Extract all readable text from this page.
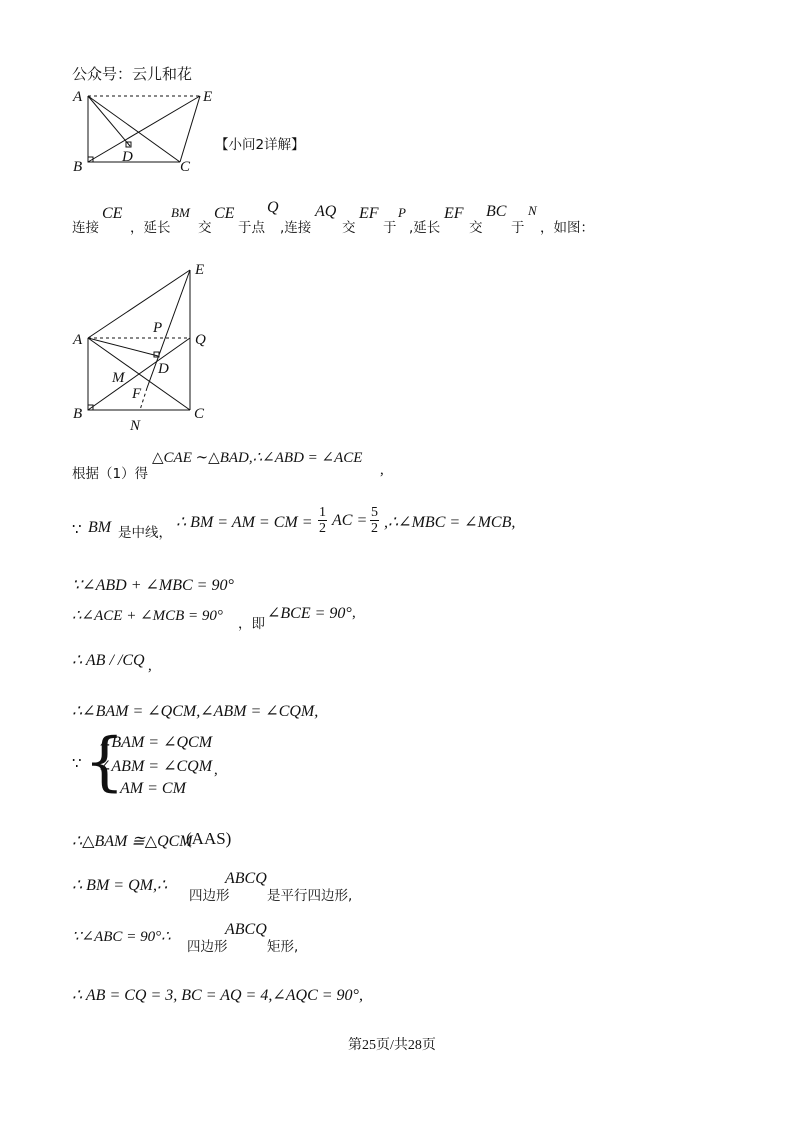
公众号：云儿和花
A	E
B	C
D
【小问2详解】
连接
CE
，延长
BM
交
CE
于点
Q
,连接
AQ
交
EF
于
P
,延长
EF
交
BC
于
N
，如图：
E
A	Q
P
D
M
F
B	C
N
根据（1）得
△CAE ∼△BAD,∴∠ABD = ∠ACE
,
∵ BM 是中线，
∴ BM = AM = CM = $\frac{1}{2}$ AC = $\frac{5}{2}$ ,∴∠MBC = ∠MCB,
∵∠ABD + ∠MBC = 90°
∴∠ACE + ∠MCB = 90° ，即
∠BCE = 90° ,
∴ AB / /CQ ,
∴∠BAM = ∠QCM,∠ABM = ∠CQM,
∵ {
∠BAM = ∠QCM
∠ABM = ∠CQM
AM = CM
,
∴△BAM ≅△QCM
(AAS)
∴ BM = QM,∴
四边形
ABCQ
是平行四边形,
∵∠ABC = 90°∴
四边形
ABCQ
矩形,
∴ AB = CQ = 3, BC = AQ = 4,∠AQC = 90°,
第25页/共28页
